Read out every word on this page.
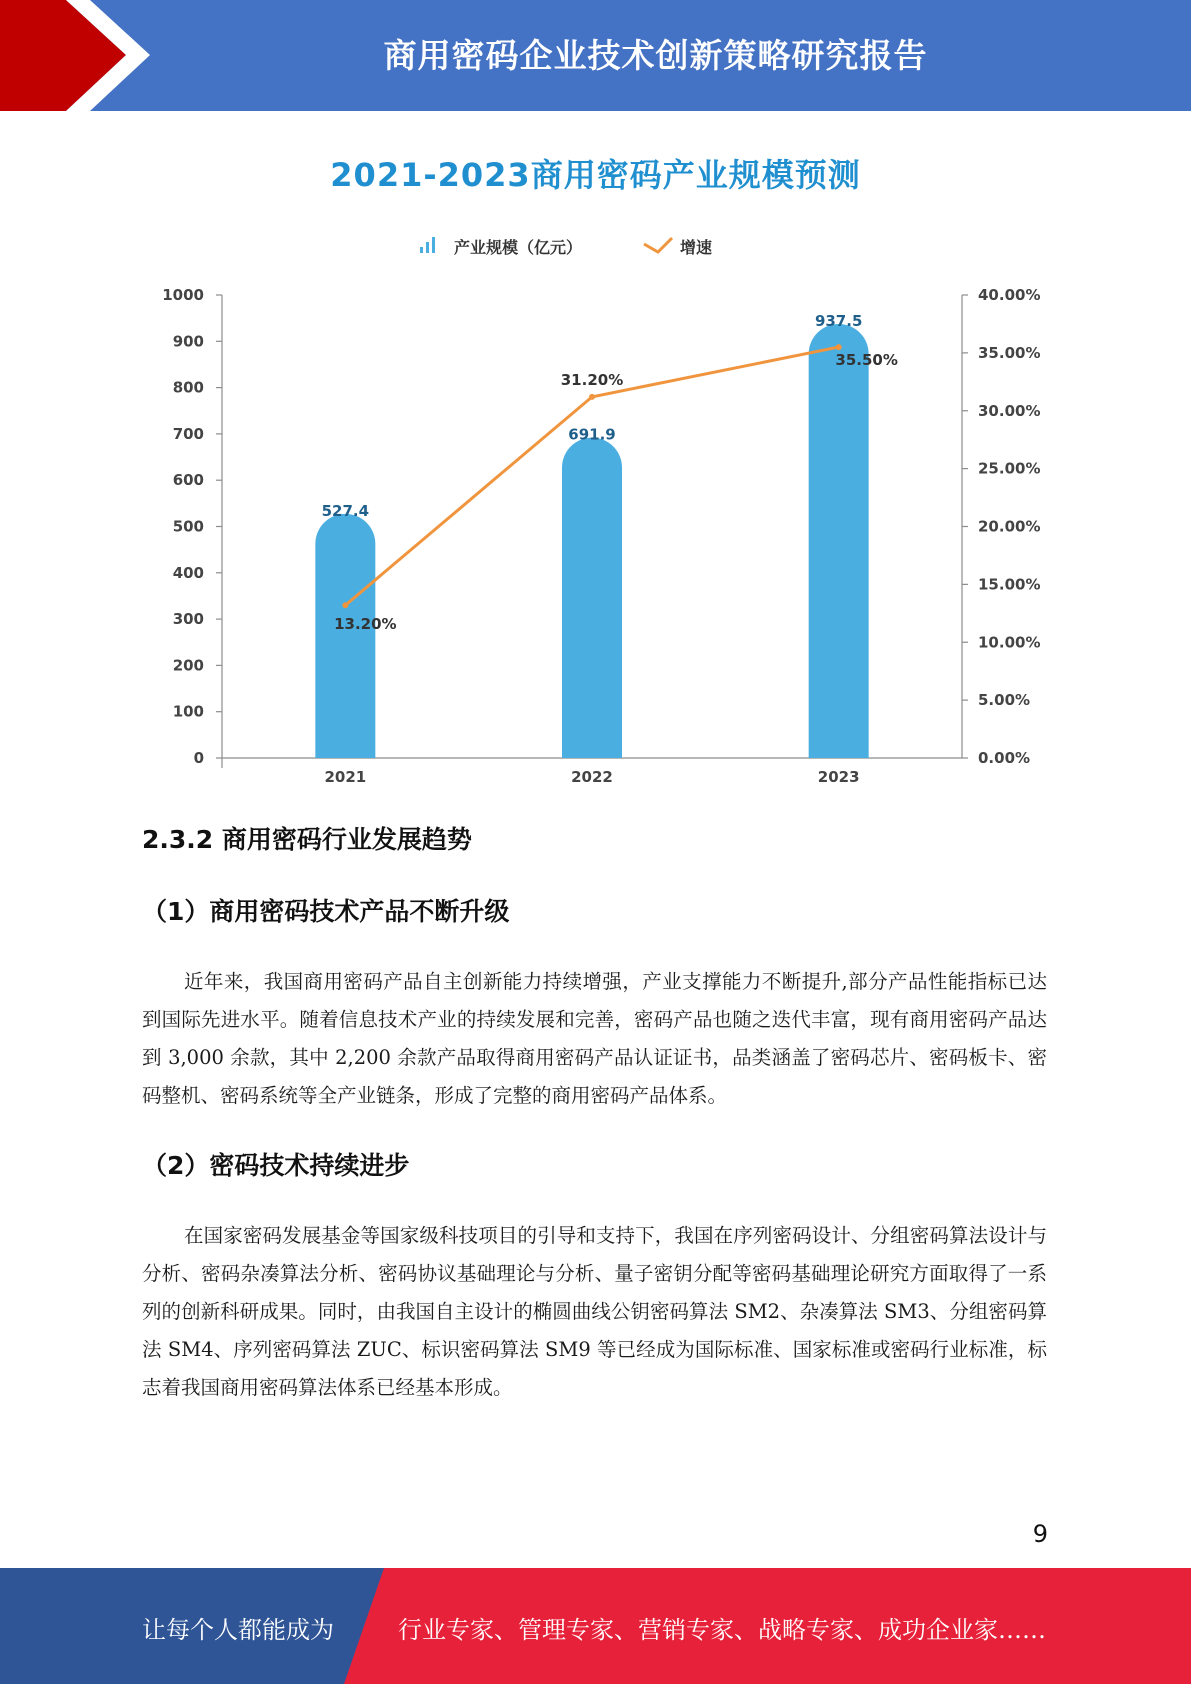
商用密码企业技术创新策略研究报告
2021-2023商用密码产业规模预测
产业规模（亿元）	增速
0
100
200
300
400
500
600
700
800
900
1000
0.00%
5.00%
10.00%
15.00%
20.00%
25.00%
30.00%
35.00%
40.00%
2021	2022	2023
527.4
691.9
937.5
13.20%
31.20%
35.50%
2.3.2 商用密码行业发展趋势
（1）商用密码技术产品不断升级

近年来，我国商用密码产品自主创新能力持续增强，产业支撑能力不断提升,部分产品性能指标已达到国际先进水平。随着信息技术产业的持续发展和完善，密码产品也随之迭代丰富，现有商用密码产品达到 3,000 余款，其中 2,200 余款产品取得商用密码产品认证证书，品类涵盖了密码芯片、密码板卡、密码整机、密码系统等全产业链条，形成了完整的商用密码产品体系。

（2）密码技术持续进步

在国家密码发展基金等国家级科技项目的引导和支持下，我国在序列密码设计、分组密码算法设计与分析、密码杂凑算法分析、密码协议基础理论与分析、量子密钥分配等密码基础理论研究方面取得了一系列的创新科研成果。同时，由我国自主设计的椭圆曲线公钥密码算法 SM2、杂凑算法 SM3、分组密码算法 SM4、序列密码算法 ZUC、标识密码算法 SM9 等已经成为国际标准、国家标准或密码行业标准，标志着我国商用密码算法体系已经基本形成。

9
让每个人都能成为	行业专家、管理专家、营销专家、战略专家、成功企业家……
